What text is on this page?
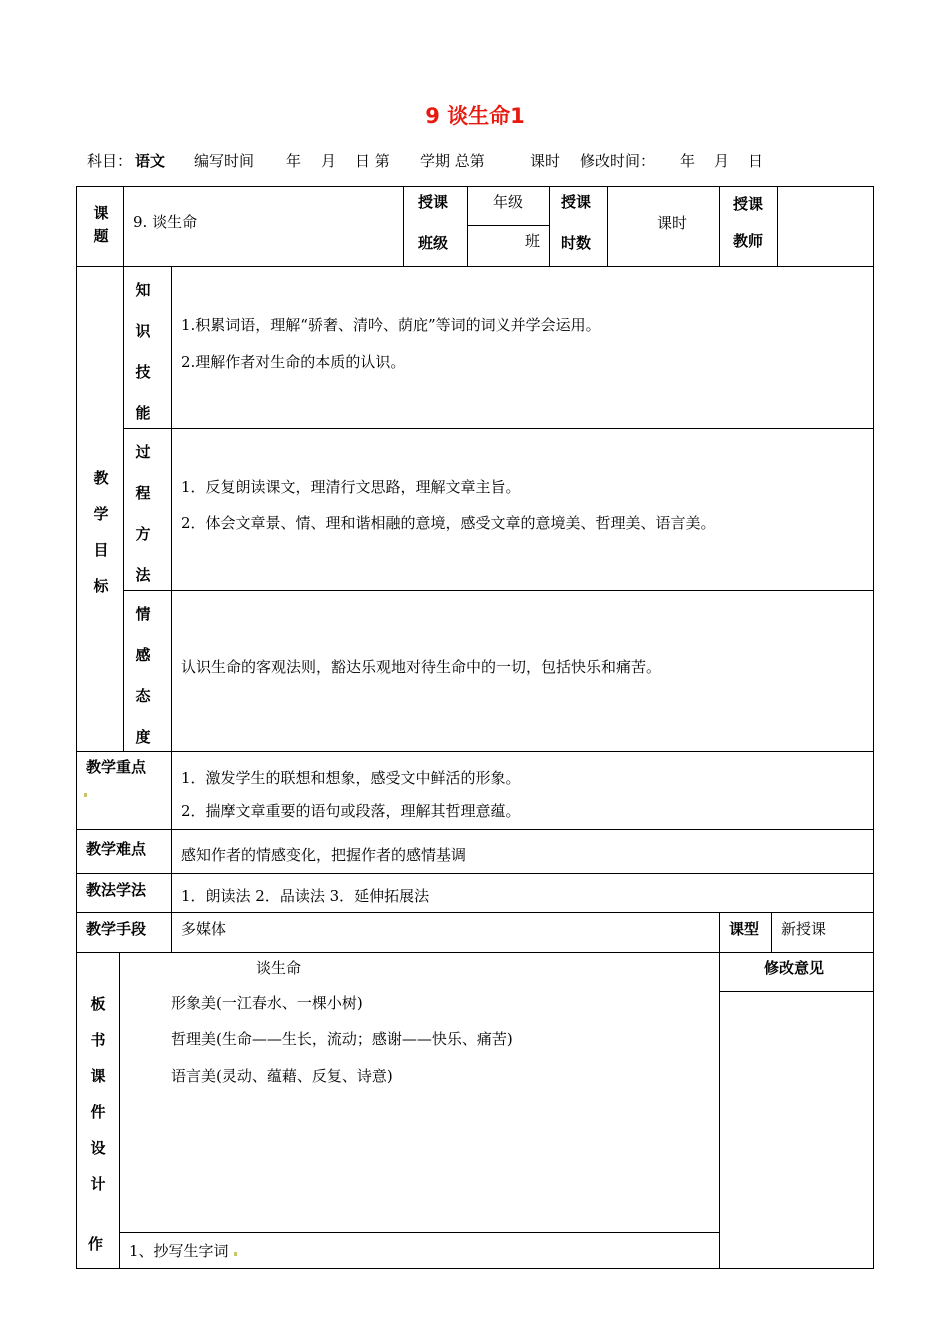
9 谈生命1
科目： 语文 编写时间 年 月 日 第 学期 总第	课时 修改时间： 年 月 日
课
题
9. 谈生命
授课
班级
年级
班
授课
时数
课时
授课
教师
教
学
目
标
知
识
技
能
1.积累词语，理解“骄奢、清吟、荫庇”等词的词义并学会运用。
2.理解作者对生命的本质的认识。
过
程
方
法
1．反复朗读课文，理清行文思路，理解文章主旨。
2．体会文章景、情、理和谐相融的意境，感受文章的意境美、哲理美、语言美。
情
感
态
度
认识生命的客观法则，豁达乐观地对待生命中的一切，包括快乐和痛苦。
教学重点
1．激发学生的联想和想象，感受文中鲜活的形象。
2．揣摩文章重要的语句或段落，理解其哲理意蕴。
教学难点 感知作者的情感变化，把握作者的感情基调
教法学法 1．朗读法 2．品读法 3．延伸拓展法
教学手段 多媒体	课型 新授课
板
书
课
件
设
计
谈生命
形象美(一江春水、一棵小树)
哲理美(生命——生长，流动；感谢——快乐、痛苦)
语言美(灵动、蕴藉、反复、诗意)
修改意见
作 1、抄写生字词
